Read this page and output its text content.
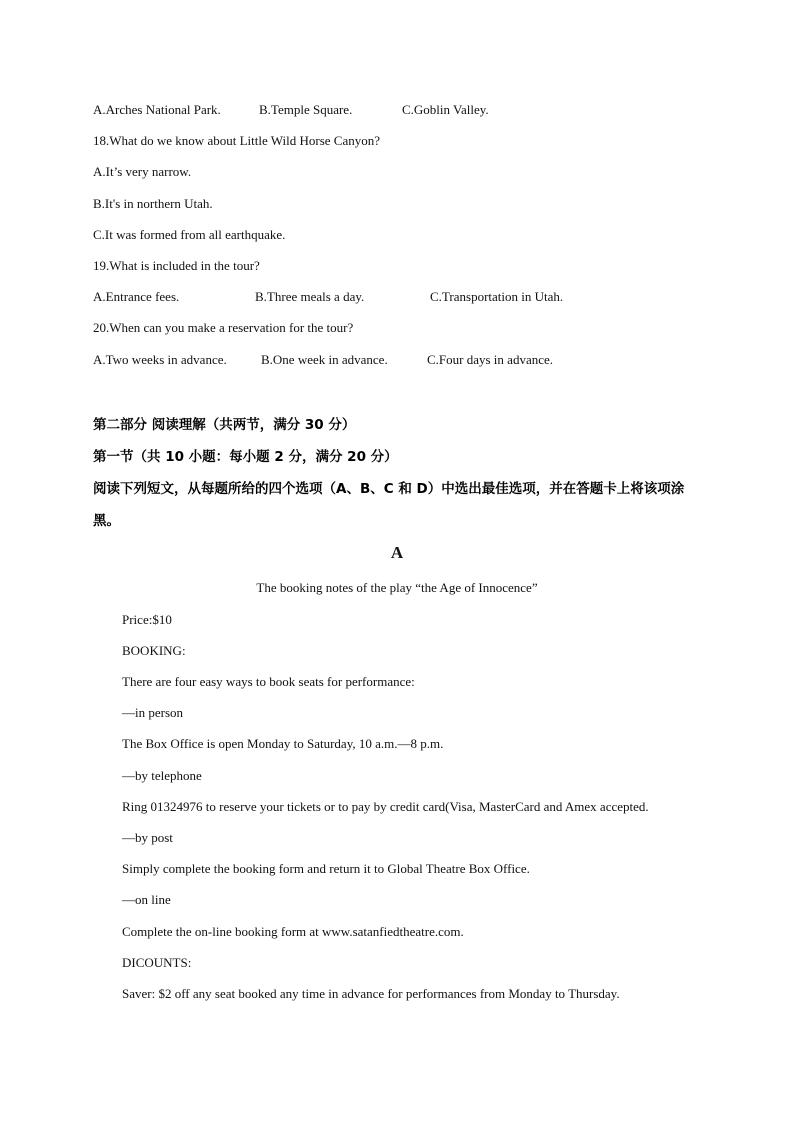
A.Arches National Park.	B.Temple Square.	C.Goblin Valley.
18.What do we know about Little Wild Horse Canyon?
A.It’s very narrow.
B.It's in northern Utah.
C.It was formed from all earthquake.
19.What is included in the tour?
A.Entrance fees.	B.Three meals a day.	C.Transportation in Utah.
20.When can you make a reservation for the tour?
A.Two weeks in advance.	B.One week in advance.	C.Four days in advance.
第二部分 阅读理解（共两节，满分 30 分）
第一节（共 10 小题：每小题 2 分，满分 20 分）
阅读下列短文，从每题所给的四个选项（A、B、C 和 D）中选出最佳选项，并在答题卡上将该项涂
黑。
A
The booking notes of the play “the Age of Innocence”
Price:$10
BOOKING:
There are four easy ways to book seats for performance:
—in person
The Box Office is open Monday to Saturday, 10 a.m.—8 p.m.
—by telephone
Ring 01324976 to reserve your tickets or to pay by credit card(Visa, MasterCard and Amex accepted.
—by post
Simply complete the booking form and return it to Global Theatre Box Office.
—on line
Complete the on-line booking form at www.satanfiedtheatre.com.
DICOUNTS:
Saver: $2 off any seat booked any time in advance for performances from Monday to Thursday.
